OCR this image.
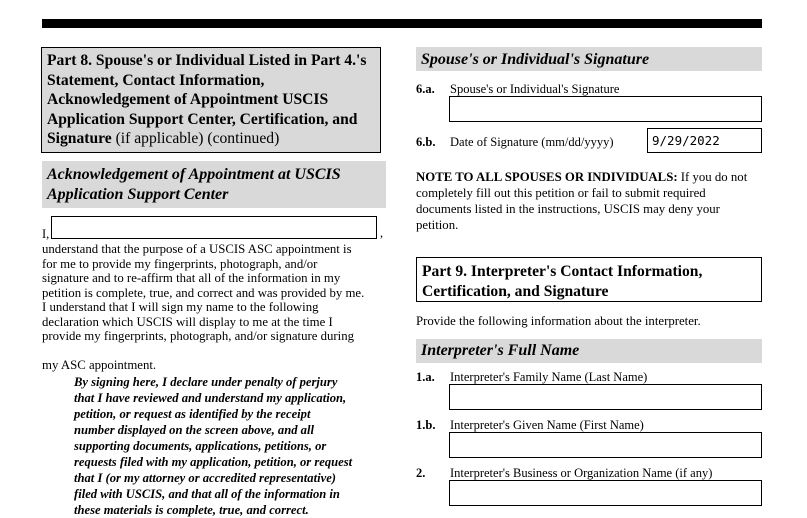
Part 8. Spouse's or Individual Listed in Part 4.'s Statement, Contact Information, Acknowledgement of Appointment USCIS Application Support Center, Certification, and Signature (if applicable) (continued)
Acknowledgement of Appointment at USCIS Application Support Center
I,	,
understand that the purpose of a USCIS ASC appointment is
for me to provide my fingerprints, photograph, and/or
signature and to re-affirm that all of the information in my
petition is complete, true, and correct and was provided by me.
I understand that I will sign my name to the following
declaration which USCIS will display to me at the time I
provide my fingerprints, photograph, and/or signature during
my ASC appointment.
By signing here, I declare under penalty of perjury
that I have reviewed and understand my application,
petition, or request as identified by the receipt
number displayed on the screen above, and all
supporting documents, applications, petitions, or
requests filed with my application, petition, or request
that I (or my attorney or accredited representative)
filed with USCIS, and that all of the information in
these materials is complete, true, and correct.
Spouse's or Individual's Signature
6.a. Spouse's or Individual's Signature
6.b. Date of Signature (mm/dd/yyyy)	9/29/2022
NOTE TO ALL SPOUSES OR INDIVIDUALS: If you do not completely fill out this petition or fail to submit required documents listed in the instructions, USCIS may deny your petition.
Part 9. Interpreter's Contact Information, Certification, and Signature
Provide the following information about the interpreter.
Interpreter's Full Name
1.a. Interpreter's Family Name (Last Name)
1.b. Interpreter's Given Name (First Name)
2. Interpreter's Business or Organization Name (if any)
